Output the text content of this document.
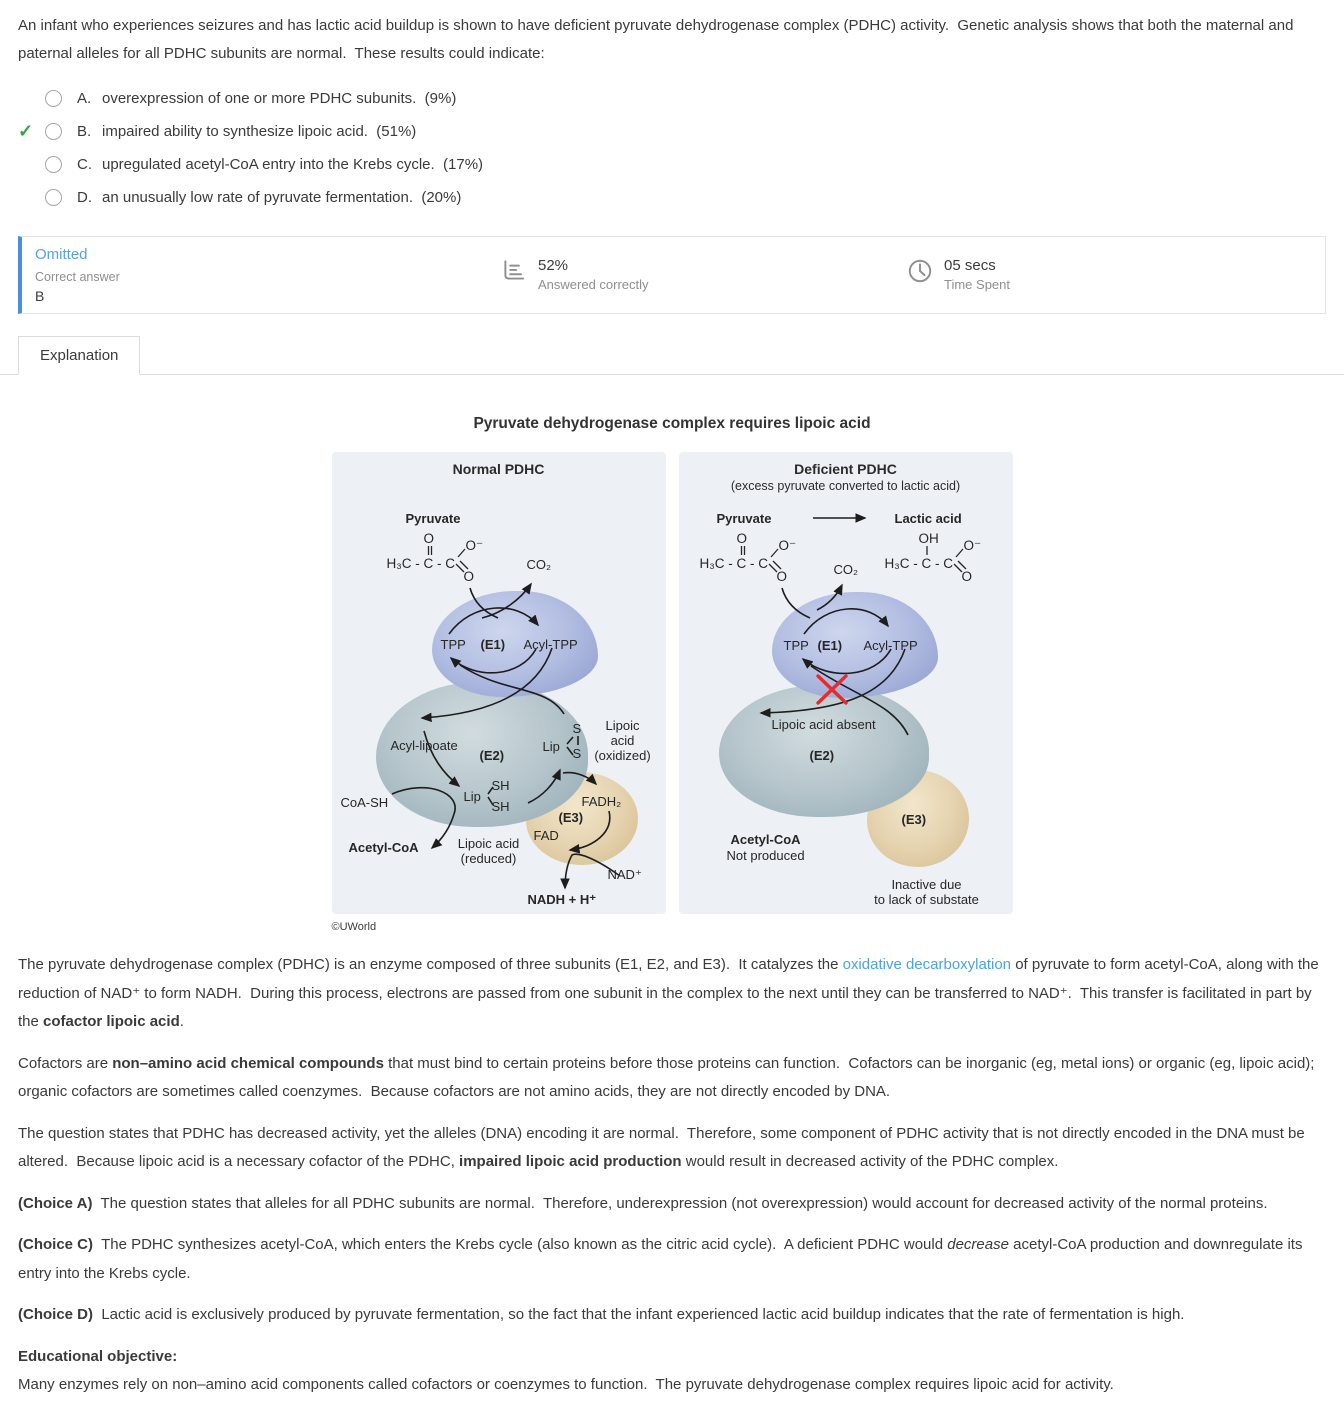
An infant who experiences seizures and has lactic acid buildup is shown to have deficient pyruvate dehydrogenase complex (PDHC) activity.  Genetic analysis shows that both the maternal and paternal alleles for all PDHC subunits are normal.  These results could indicate:
A. overexpression of one or more PDHC subunits.  (9%)
✓	B. impaired ability to synthesize lipoic acid.  (51%)
C. upregulated acetyl-CoA entry into the Krebs cycle.  (17%)
D. an unusually low rate of pyruvate fermentation.  (20%)
Omitted
Correct answer
B
52%
Answered correctly
05 secs
Time Spent
Explanation
Pyruvate dehydrogenase complex requires lipoic acid
Normal PDHC
Pyruvate
H₃C - C - C
O O⁻
O
CO₂
TPP (E1) Acyl-TPP
Acyl-lipoate
(E2)
Lip
S
S
Lipoic
acid
(oxidized)
Lip
SH
SH
CoA-SH
Acetyl-CoA	Lipoic acid
(reduced)
FADH₂
(E3)
FAD
NAD⁺
NADH + H⁺
Deficient PDHC
(excess pyruvate converted to lactic acid)
Pyruvate	Lactic acid
H₃C - C - C
O O⁻
O
H₃C - C - C
OH O⁻
O
CO₂
TPP (E1) Acyl-TPP
Lipoic acid absent
(E2)
Acetyl-CoA
Not produced
(E3)
Inactive due
to lack of substate
©UWorld

The pyruvate dehydrogenase complex (PDHC) is an enzyme composed of three subunits (E1, E2, and E3).  It catalyzes the oxidative decarboxylation of pyruvate to form acetyl-CoA, along with the reduction of NAD⁺ to form NADH.  During this process, electrons are passed from one subunit in the complex to the next until they can be transferred to NAD⁺.  This transfer is facilitated in part by the cofactor lipoic acid.

Cofactors are non–amino acid chemical compounds that must bind to certain proteins before those proteins can function.  Cofactors can be inorganic (eg, metal ions) or organic (eg, lipoic acid); organic cofactors are sometimes called coenzymes.  Because cofactors are not amino acids, they are not directly encoded by DNA.

The question states that PDHC has decreased activity, yet the alleles (DNA) encoding it are normal.  Therefore, some component of PDHC activity that is not directly encoded in the DNA must be altered.  Because lipoic acid is a necessary cofactor of the PDHC, impaired lipoic acid production would result in decreased activity of the PDHC complex.

(Choice A)  The question states that alleles for all PDHC subunits are normal.  Therefore, underexpression (not overexpression) would account for decreased activity of the normal proteins.

(Choice C)  The PDHC synthesizes acetyl-CoA, which enters the Krebs cycle (also known as the citric acid cycle).  A deficient PDHC would decrease acetyl-CoA production and downregulate its entry into the Krebs cycle.

(Choice D)  Lactic acid is exclusively produced by pyruvate fermentation, so the fact that the infant experienced lactic acid buildup indicates that the rate of fermentation is high.

Educational objective:

Many enzymes rely on non–amino acid components called cofactors or coenzymes to function.  The pyruvate dehydrogenase complex requires lipoic acid for activity.
